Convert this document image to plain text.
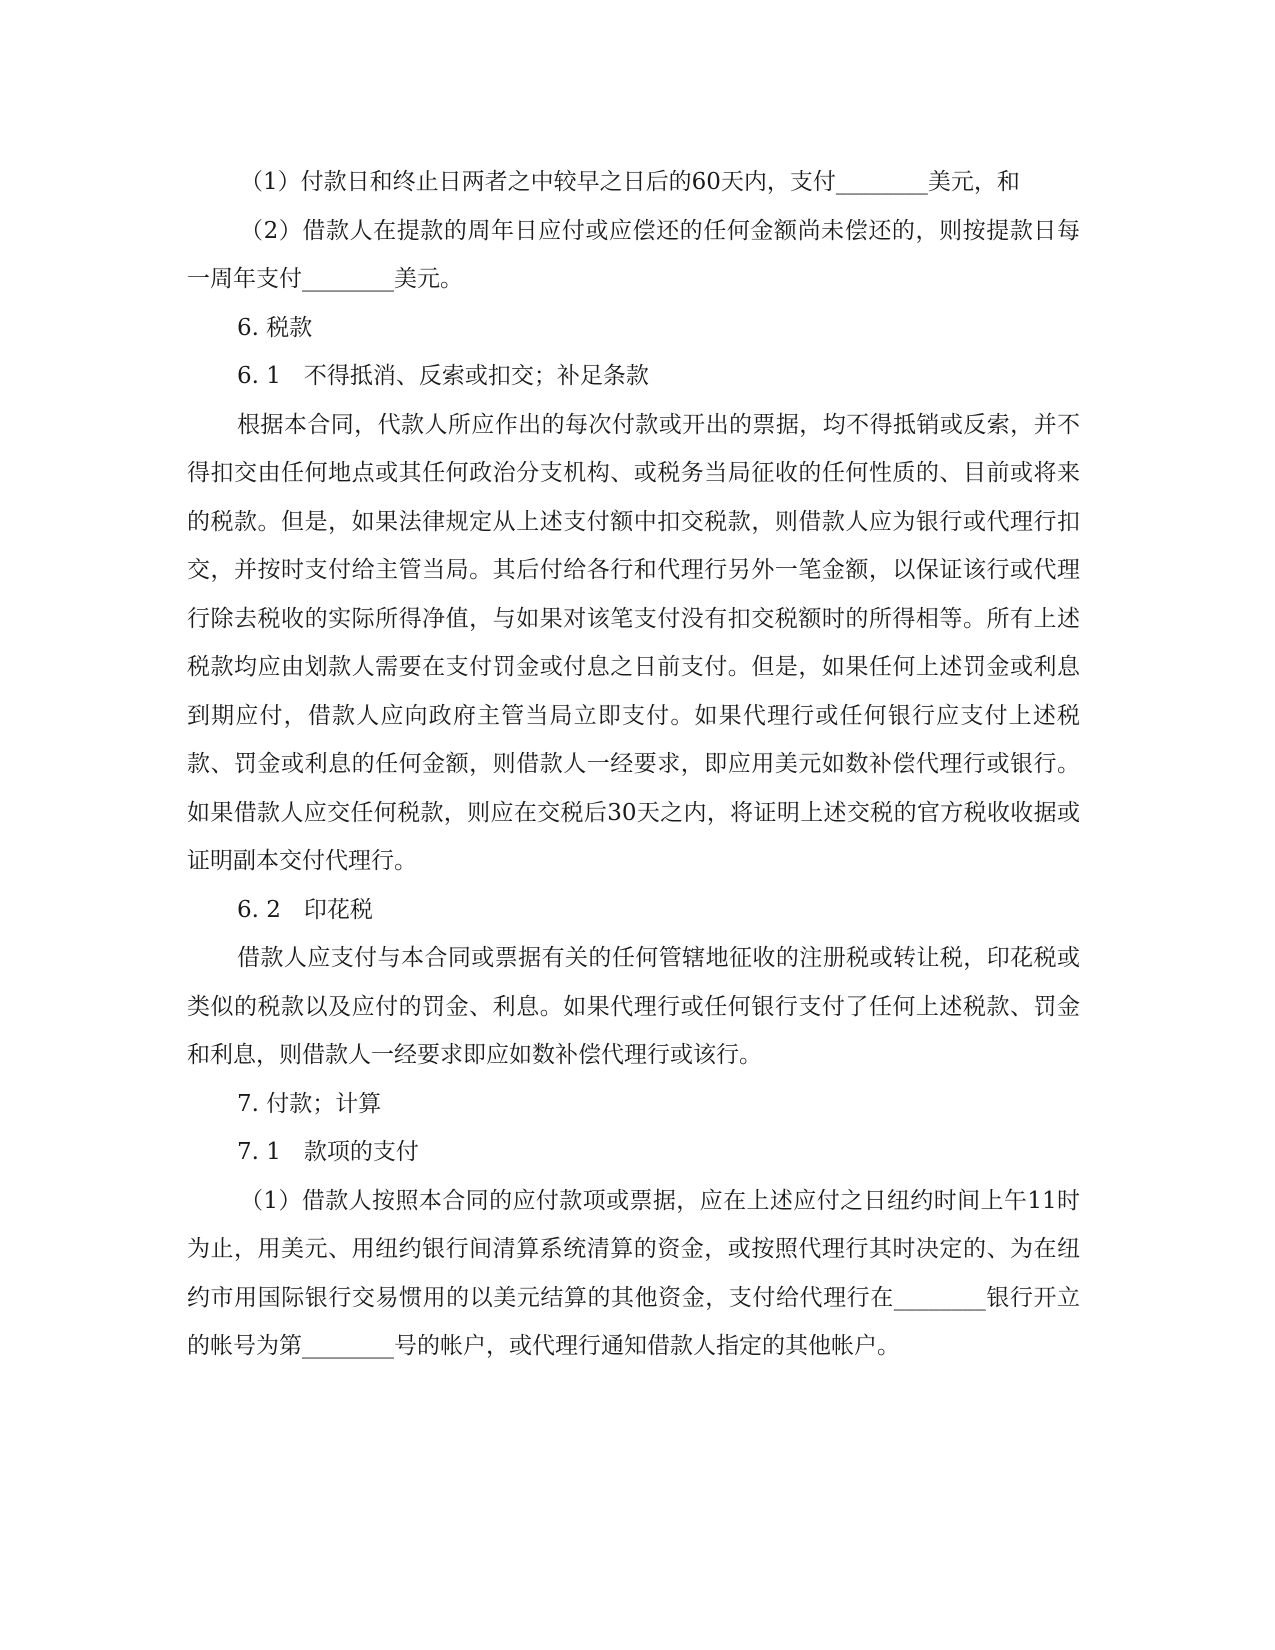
（1）付款日和终止日两者之中较早之日后的60天内，支付________美元，和

（2）借款人在提款的周年日应付或应偿还的任何金额尚未偿还的，则按提款日每一周年支付________美元。

6. 税款

6. 1　不得抵消、反索或扣交；补足条款

根据本合同，代款人所应作出的每次付款或开出的票据，均不得抵销或反索，并不得扣交由任何地点或其任何政治分支机构、或税务当局征收的任何性质的、目前或将来的税款。但是，如果法律规定从上述支付额中扣交税款，则借款人应为银行或代理行扣交，并按时支付给主管当局。其后付给各行和代理行另外一笔金额，以保证该行或代理行除去税收的实际所得净值，与如果对该笔支付没有扣交税额时的所得相等。所有上述税款均应由划款人需要在支付罚金或付息之日前支付。但是，如果任何上述罚金或利息到期应付，借款人应向政府主管当局立即支付。如果代理行或任何银行应支付上述税款、罚金或利息的任何金额，则借款人一经要求，即应用美元如数补偿代理行或银行。如果借款人应交任何税款，则应在交税后30天之内，将证明上述交税的官方税收收据或证明副本交付代理行。

6. 2　印花税

借款人应支付与本合同或票据有关的任何管辖地征收的注册税或转让税，印花税或类似的税款以及应付的罚金、利息。如果代理行或任何银行支付了任何上述税款、罚金和利息，则借款人一经要求即应如数补偿代理行或该行。

7. 付款；计算

7. 1　款项的支付

（1）借款人按照本合同的应付款项或票据，应在上述应付之日纽约时间上午11时为止，用美元、用纽约银行间清算系统清算的资金，或按照代理行其时决定的、为在纽约市用国际银行交易惯用的以美元结算的其他资金，支付给代理行在________银行开立的帐号为第________号的帐户，或代理行通知借款人指定的其他帐户。
